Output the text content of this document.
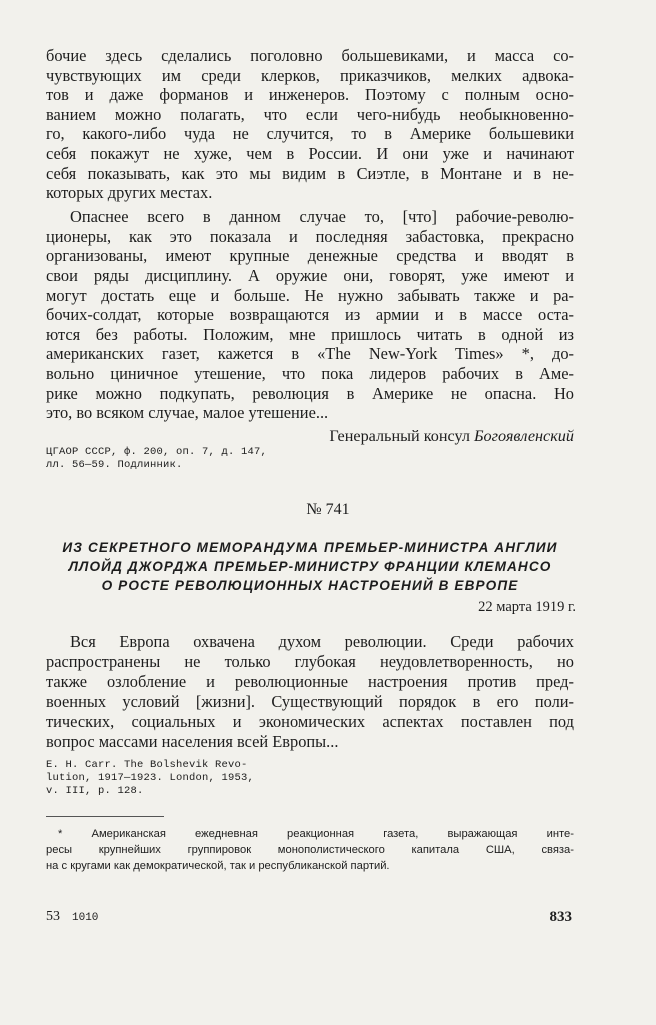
бочие здесь сделались поголовно большевиками, и масса со-
чувствующих им среди клерков, приказчиков, мелких адвока-
тов и даже форманов и инженеров. Поэтому с полным осно-
ванием можно полагать, что если чего-нибудь необыкновенно-
го, какого-либо чуда не случится, то в Америке большевики
себя покажут не хуже, чем в России. И они уже и начинают
себя показывать, как это мы видим в Сиэтле, в Монтане и в не-
которых других местах.
Опаснее всего в данном случае то, [что] рабочие-револю-
ционеры, как это показала и последняя забастовка, прекрасно
организованы, имеют крупные денежные средства и вводят в
свои ряды дисциплину. А оружие они, говорят, уже имеют и
могут достать еще и больше. Не нужно забывать также и ра-
бочих-солдат, которые возвращаются из армии и в массе оста-
ются без работы. Положим, мне пришлось читать в одной из
американских газет, кажется в «The New-York Times» *, до-
вольно циничное утешение, что пока лидеров рабочих в Аме-
рике можно подкупать, революция в Америке не опасна. Но
это, во всяком случае, малое утешение...
Генеральный консул Богоявленский
ЦГАОР СССР, ф. 200, оп. 7, д. 147,
лл. 56—59. Подлинник.
№ 741
ИЗ СЕКРЕТНОГО МЕМОРАНДУМА ПРЕМЬЕР-МИНИСТРА АНГЛИИ
ЛЛОЙД ДЖОРДЖА ПРЕМЬЕР-МИНИСТРУ ФРАНЦИИ КЛЕМАНСО
О РОСТЕ РЕВОЛЮЦИОННЫХ НАСТРОЕНИЙ В ЕВРОПЕ
22 марта 1919 г.
Вся Европа охвачена духом революции. Среди рабочих
распространены не только глубокая неудовлетворенность, но
также озлобление и революционные настроения против пред-
военных условий [жизни]. Существующий порядок в его поли-
тических, социальных и экономических аспектах поставлен под
вопрос массами населения всей Европы...
E. H. Carr. The Bolshevik Revo-
lution, 1917—1923. London, 1953,
v. III, p. 128.
* Американская ежедневная реакционная газета, выражающая инте-
ресы крупнейших группировок монополистического капитала США, связа-
на с кругами как демократической, так и республиканской партий.
53 1010	833
